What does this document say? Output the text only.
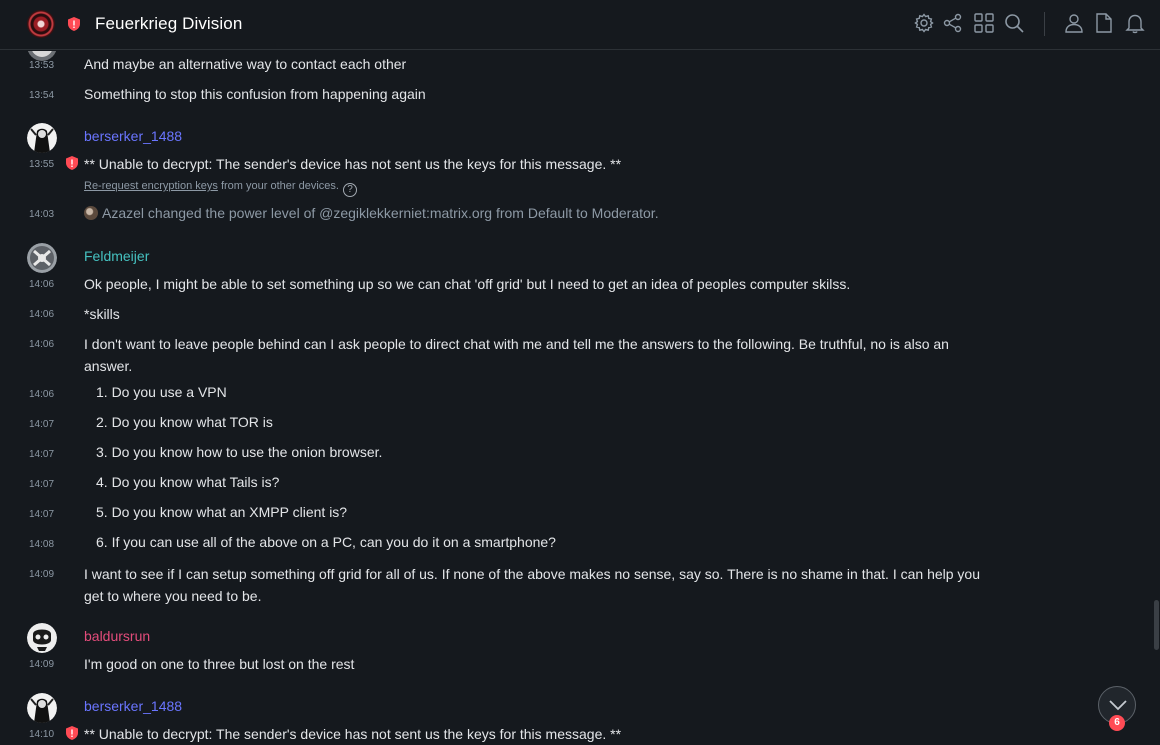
Feuerkrieg Division
13:53 And maybe an alternative way to contact each other
13:54 Something to stop this confusion from happening again
berserker_1488
13:55 ** Unable to decrypt: The sender's device has not sent us the keys for this message. **
Re-request encryption keys from your other devices. ?
14:03	Azazel changed the power level of @zegiklekkerniet:matrix.org from Default to Moderator.
Feldmeijer
14:06 Ok people, I might be able to set something up so we can chat 'off grid' but I need to get an idea of peoples computer skilss.
14:06 *skills
14:06 I don't want to leave people behind can I ask people to direct chat with me and tell me the answers to the following. Be truthful, no is also an
answer.
14:06	1. Do you use a VPN
14:07	2. Do you know what TOR is
14:07	3. Do you know how to use the onion browser.
14:07	4. Do you know what Tails is?
14:07	5. Do you know what an XMPP client is?
14:08	6. If you can use all of the above on a PC, can you do it on a smartphone?
14:09 I want to see if I can setup something off grid for all of us. If none of the above makes no sense, say so. There is no shame in that. I can help you
get to where you need to be.
baldursrun
14:09 I'm good on one to three but lost on the rest
berserker_1488
14:10 ** Unable to decrypt: The sender's device has not sent us the keys for this message. **
6
